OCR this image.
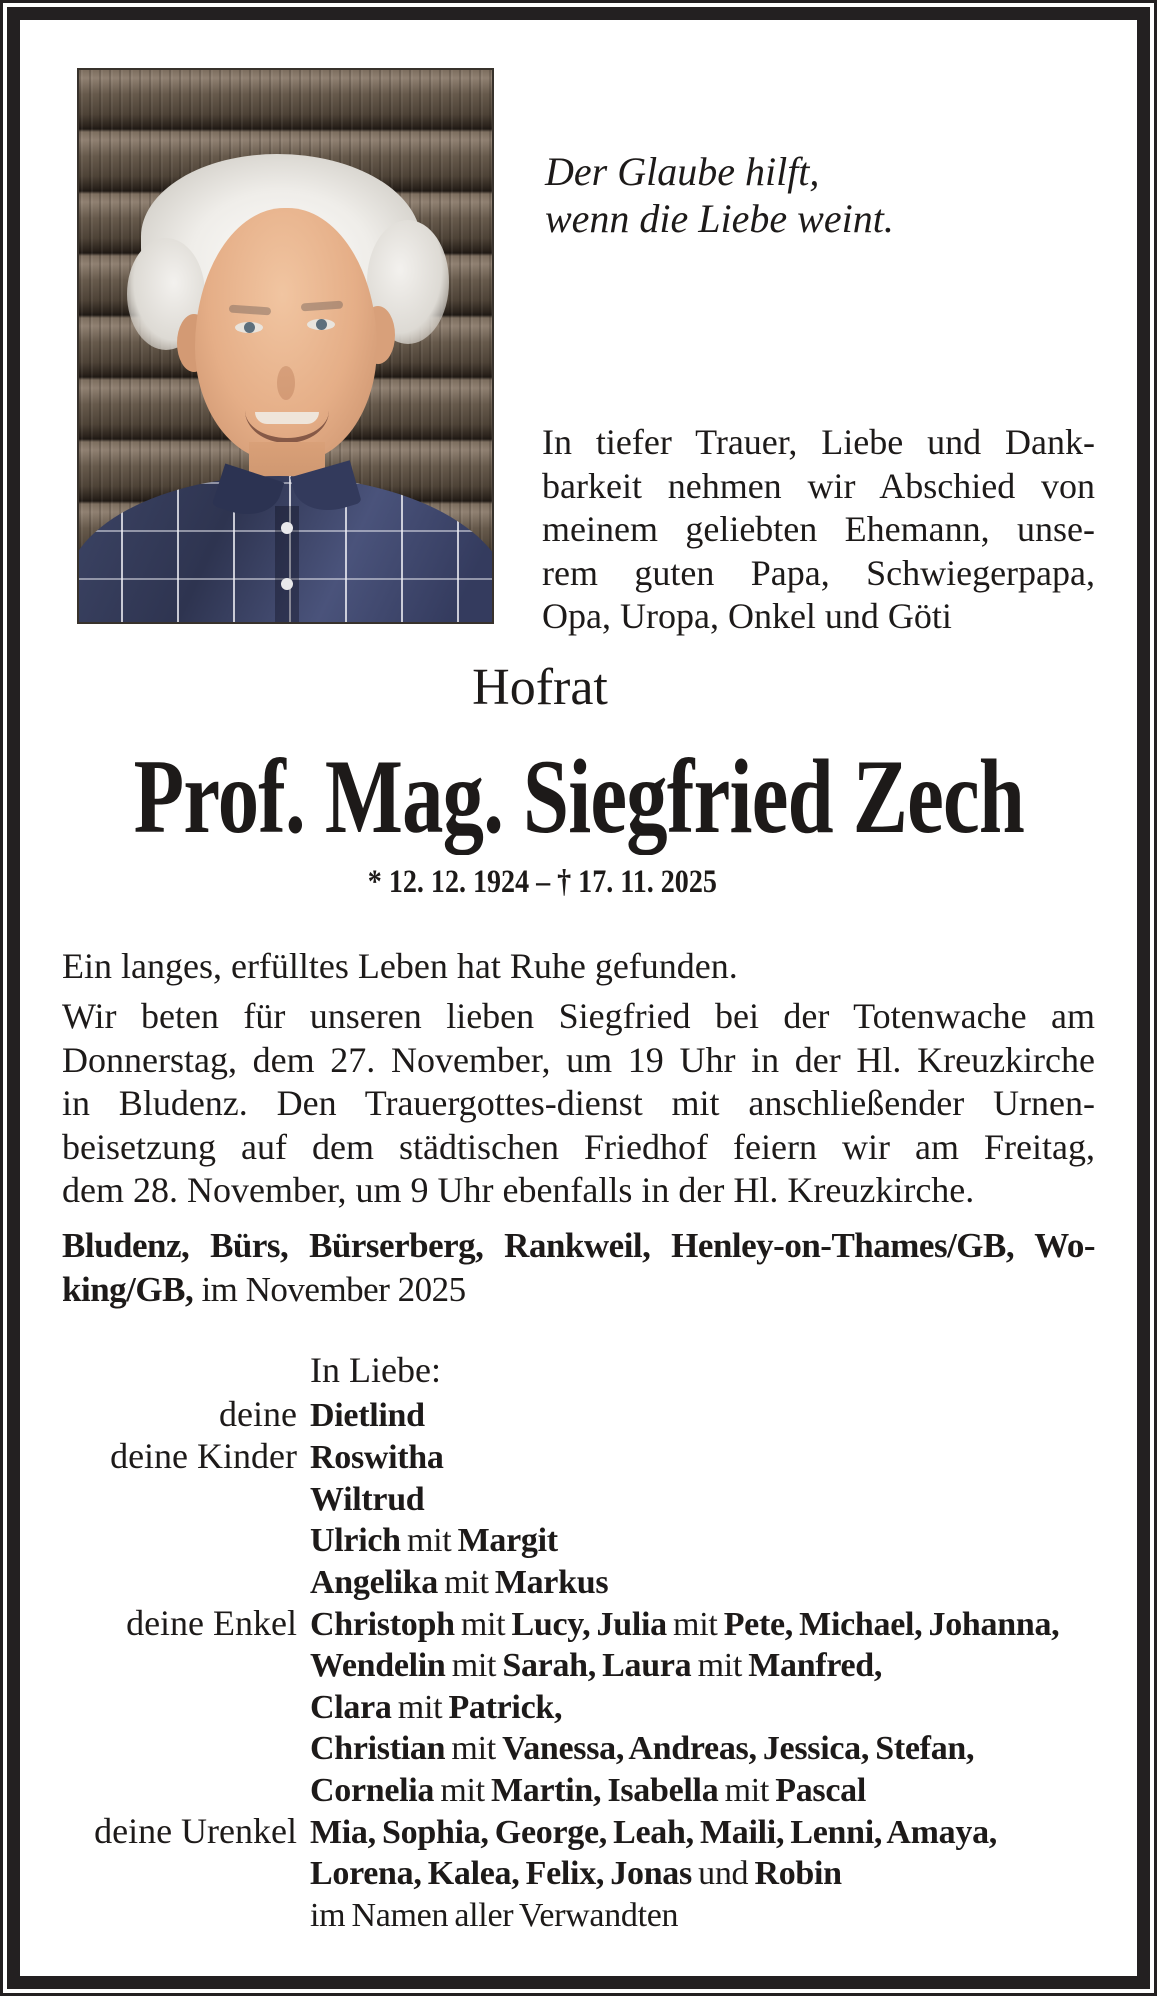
Der Glaube hilft,
wenn die Liebe weint.
In tiefer Trauer, Liebe und Dank-
barkeit nehmen wir Abschied von
meinem geliebten Ehemann, unse-
rem guten Papa, Schwiegerpapa,
Opa, Uropa, Onkel und Göti
Hofrat
Prof. Mag. Siegfried Zech
* 12. 12. 1924 – † 17. 11. 2025
Ein langes, erfülltes Leben hat Ruhe gefunden.
Wir beten für unseren lieben Siegfried bei der Totenwache am
Donnerstag, dem 27. November, um 19 Uhr in der Hl. Kreuzkirche
in Bludenz. Den Trauergottes-dienst mit anschließender Urnen-
beisetzung auf dem städtischen Friedhof feiern wir am Freitag,
dem 28. November, um 9 Uhr ebenfalls in der Hl. Kreuzkirche.
Bludenz, Bürs, Bürserberg, Rankweil, Henley-on-Thames/GB, Wo-
king/GB, im November 2025
In Liebe:
deine Dietlind
deine Kinder Roswitha
Wiltrud
Ulrich mit Margit
Angelika mit Markus
deine Enkel Christoph mit Lucy, Julia mit Pete, Michael, Johanna,
Wendelin mit Sarah, Laura mit Manfred,
Clara mit Patrick,
Christian mit Vanessa, Andreas, Jessica, Stefan,
Cornelia mit Martin, Isabella mit Pascal
deine Urenkel Mia, Sophia, George, Leah, Maili, Lenni, Amaya,
Lorena, Kalea, Felix, Jonas und Robin
im Namen aller Verwandten
